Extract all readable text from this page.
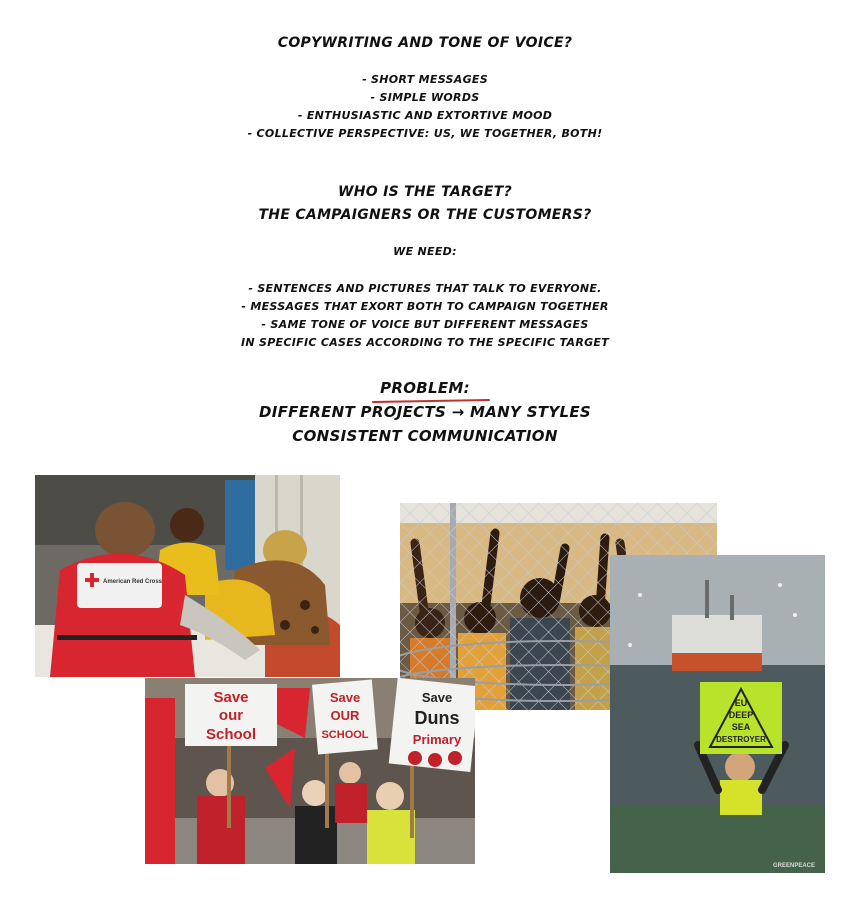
COPYWRITING AND TONE OF VOICE?
- SHORT MESSAGES
- SIMPLE WORDS
- ENTHUSIASTIC AND EXTORTIVE MOOD
- COLLECTIVE PERSPECTIVE: US, WE TOGETHER, BOTH!
WHO IS THE TARGET?
THE CAMPAIGNERS OR THE CUSTOMERS?
WE NEED:
- SENTENCES AND PICTURES THAT TALK TO EVERYONE.
- MESSAGES THAT EXORT BOTH TO CAMPAIGN TOGETHER
- SAME TONE OF VOICE BUT DIFFERENT MESSAGES
IN SPECIFIC CASES ACCORDING TO THE SPECIFIC TARGET
PROBLEM:
DIFFERENT PROJECTS → MANY STYLES
CONSISTENT COMMUNICATION
American Red Cross
Save
our
School
Save
OUR
SCHOOL
Save
Duns
Primary
EU
DEEP
SEA
DESTROYER
GREENPEACE
